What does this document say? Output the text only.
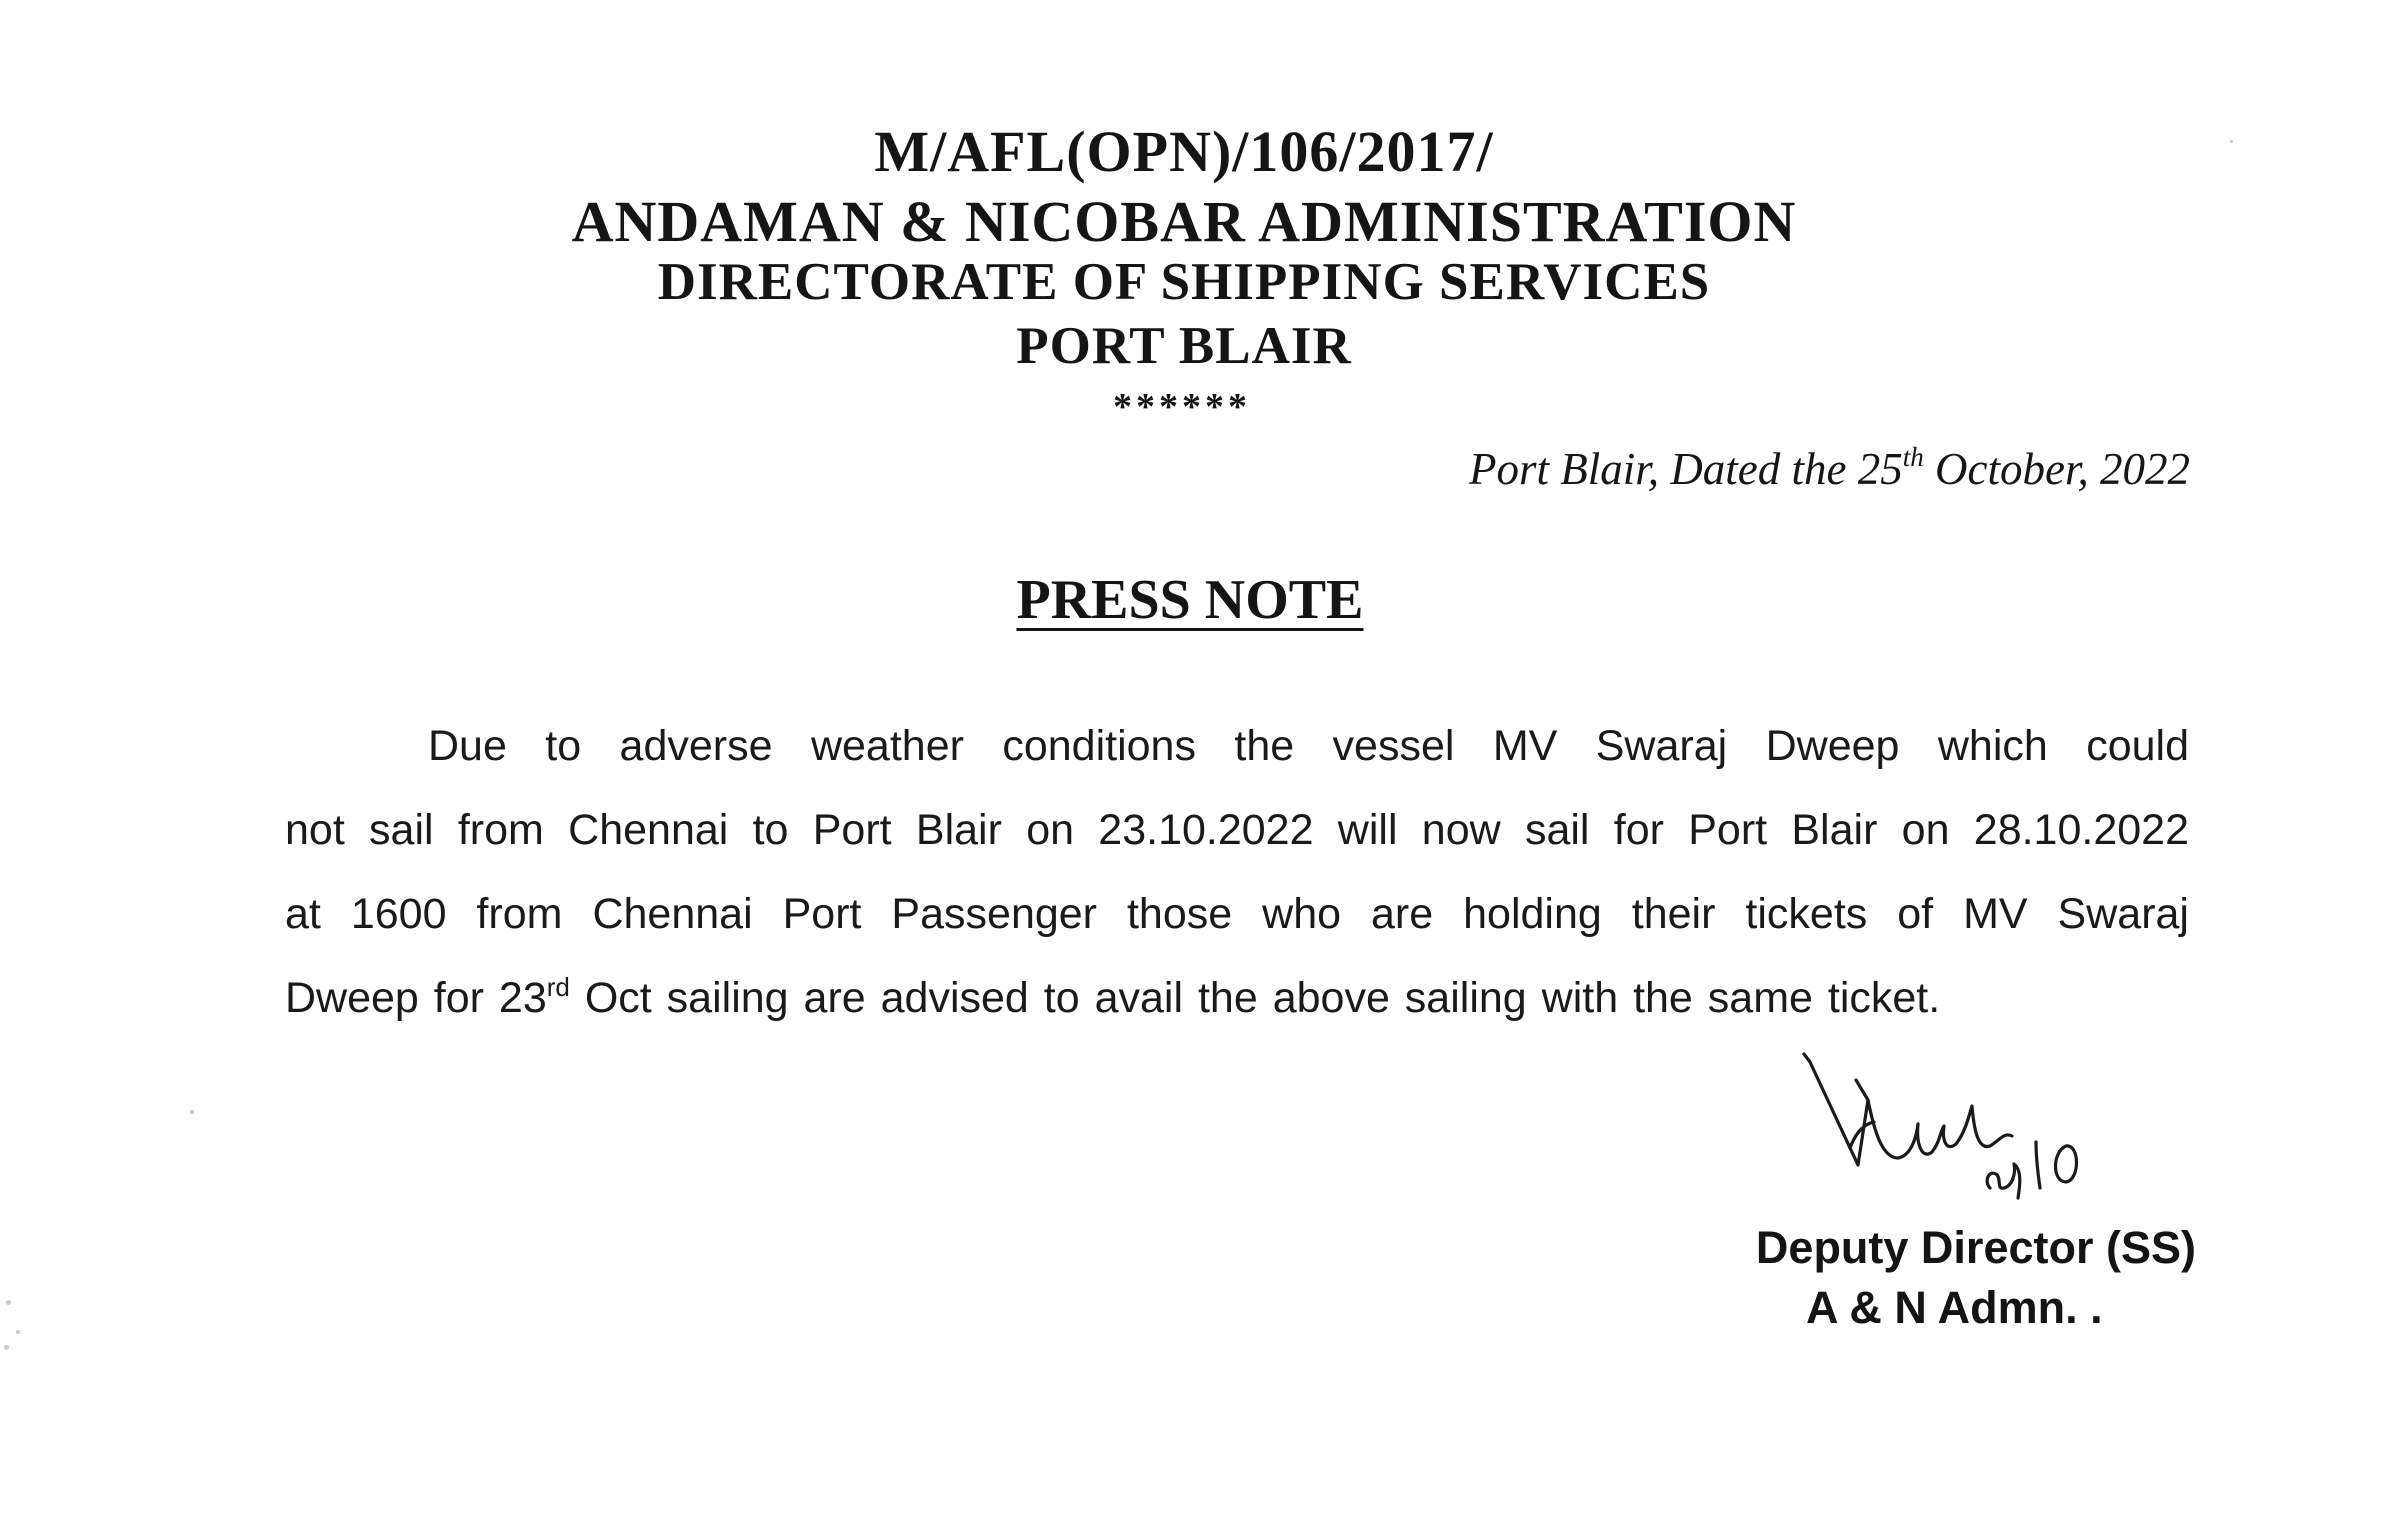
M/AFL(OPN)/106/2017/
ANDAMAN & NICOBAR ADMINISTRATION
DIRECTORATE OF SHIPPING SERVICES
PORT BLAIR
******
Port Blair, Dated the 25th October, 2022
PRESS NOTE
Due to adverse weather conditions the vessel MV Swaraj Dweep which could
not sail from Chennai to Port Blair on 23.10.2022 will now sail for Port Blair on 28.10.2022
at 1600 from Chennai Port Passenger those who are holding their tickets of MV Swaraj
Dweep for 23rd Oct sailing are advised to avail the above sailing with the same ticket.
Deputy Director (SS)
A & N Admn. .
